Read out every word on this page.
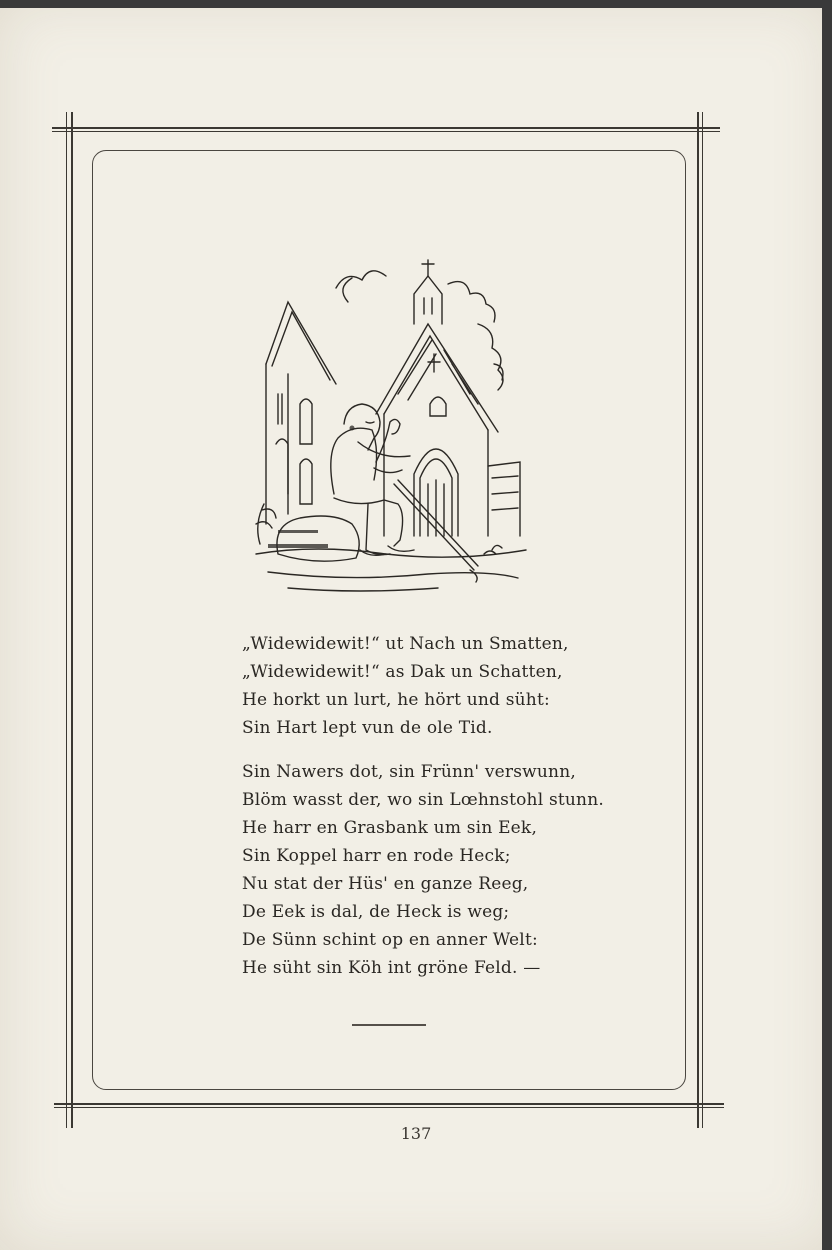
„Widewidewit!“ ut Nach un Smatten,
„Widewidewit!“ as Dak un Schatten,
He horkt un lurt, he hört und süht:
Sin Hart lept vun de ole Tid.
Sin Nawers dot, sin Frünn' verswunn,
Blöm wasst der, wo sin Lœhnstohl stunn.
He harr en Grasbank um sin Eek,
Sin Koppel harr en rode Heck;
Nu stat der Hüs' en ganze Reeg,
De Eek is dal, de Heck is weg;
De Sünn schint op en anner Welt:
He süht sin Köh int gröne Feld. —
137
